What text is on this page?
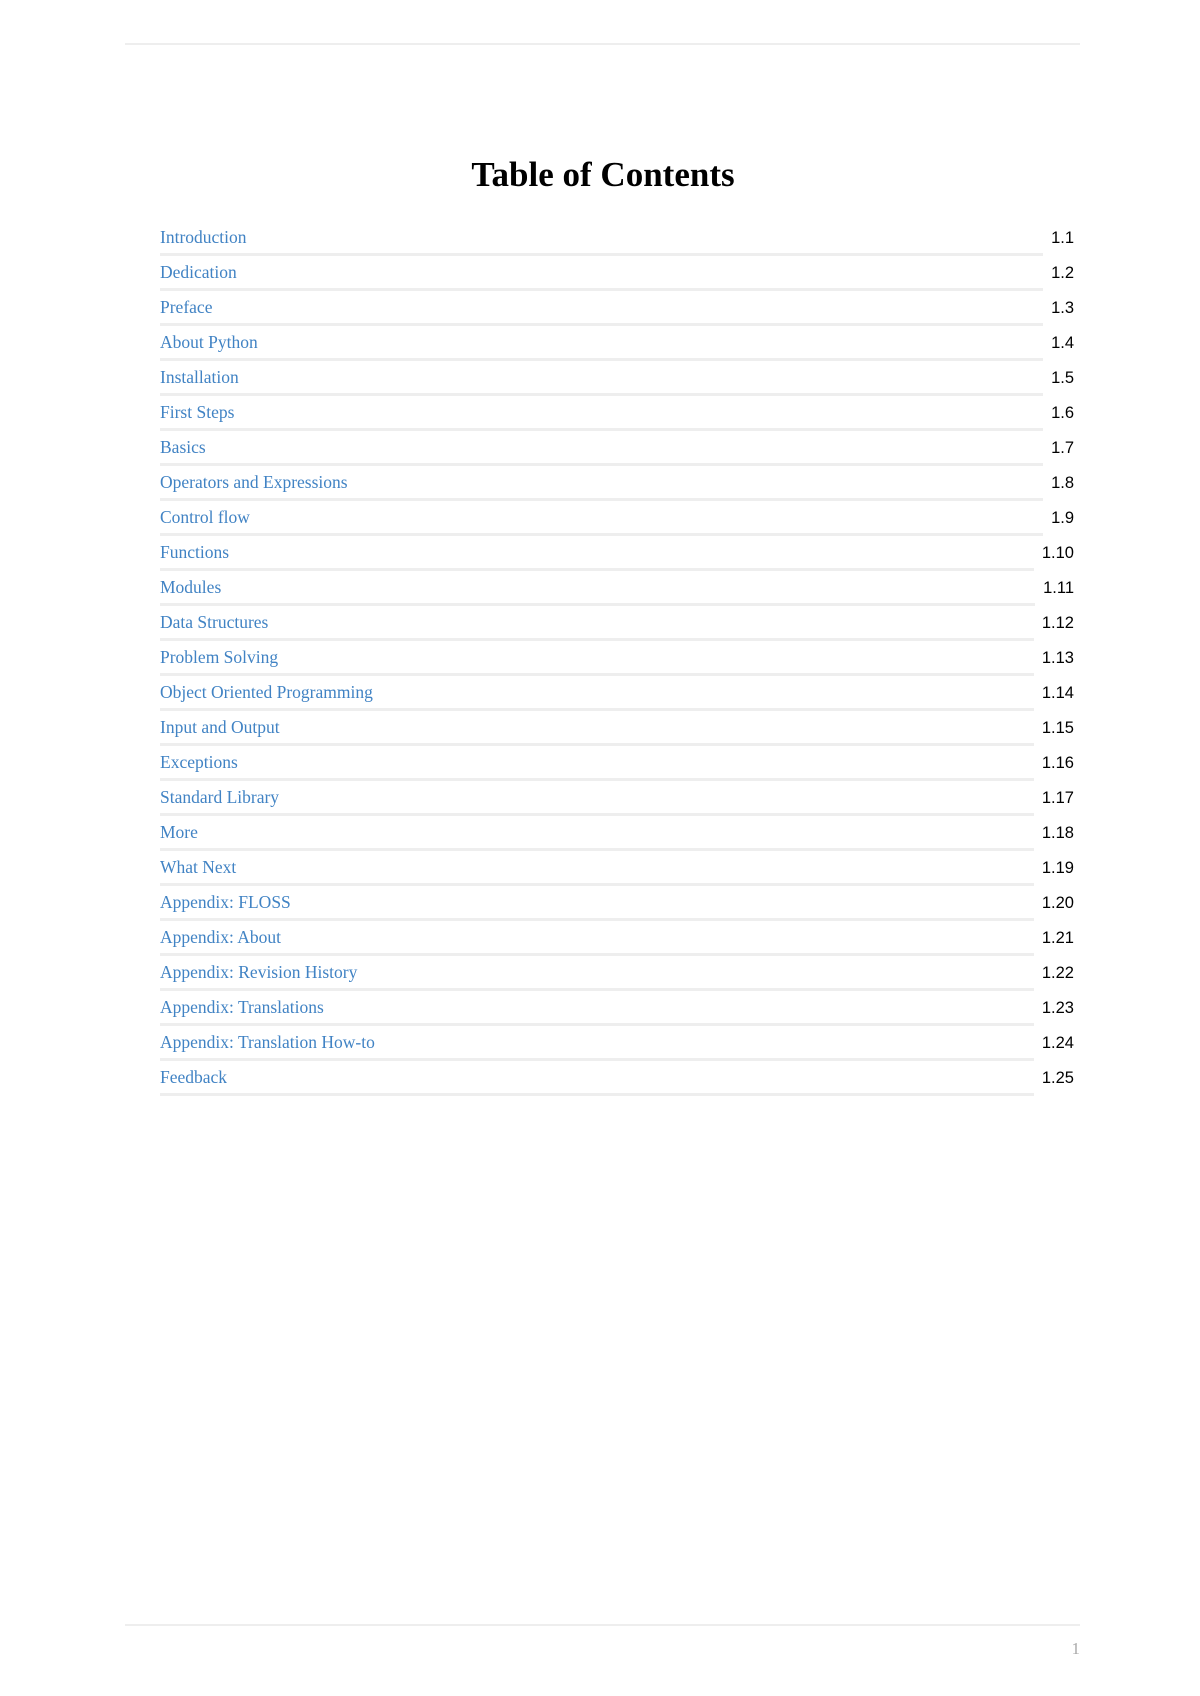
Table of Contents
Introduction	1.1
Dedication	1.2
Preface	1.3
About Python	1.4
Installation	1.5
First Steps	1.6
Basics	1.7
Operators and Expressions	1.8
Control flow	1.9
Functions	1.10
Modules	1.11
Data Structures	1.12
Problem Solving	1.13
Object Oriented Programming	1.14
Input and Output	1.15
Exceptions	1.16
Standard Library	1.17
More	1.18
What Next	1.19
Appendix: FLOSS	1.20
Appendix: About	1.21
Appendix: Revision History	1.22
Appendix: Translations	1.23
Appendix: Translation How-to	1.24
Feedback	1.25
1
